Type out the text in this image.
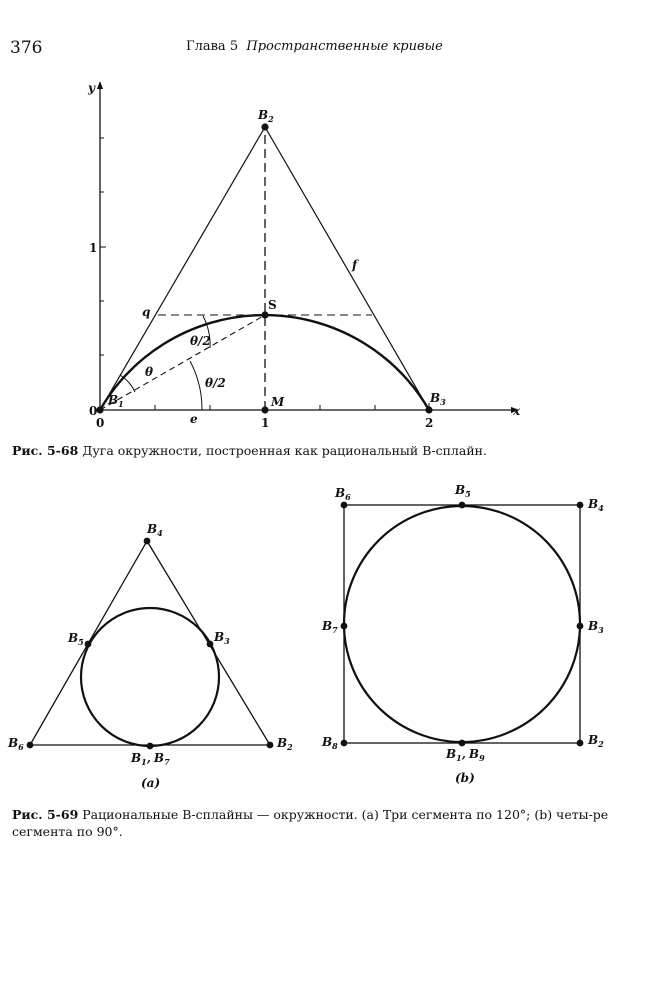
376	Глава 5 Пространственные кривые
y
x
1
0
0	1	2
B1
B2
B3
S
M
q
f
e
θ
θ/2
θ/2
B4
B5	B3
B6	B2
B1, B7
(a)
B6	B5
B4
B7	B3
B8	B2
B1, B9
(b)
Рис. 5-68 Дуга окружности, построенная как рациональный В-сплайн.
Рис. 5-69 Рациональные В-сплайны — окружности. (a) Три сегмента по 120°; (b) четы-ре сегмента по 90°.
